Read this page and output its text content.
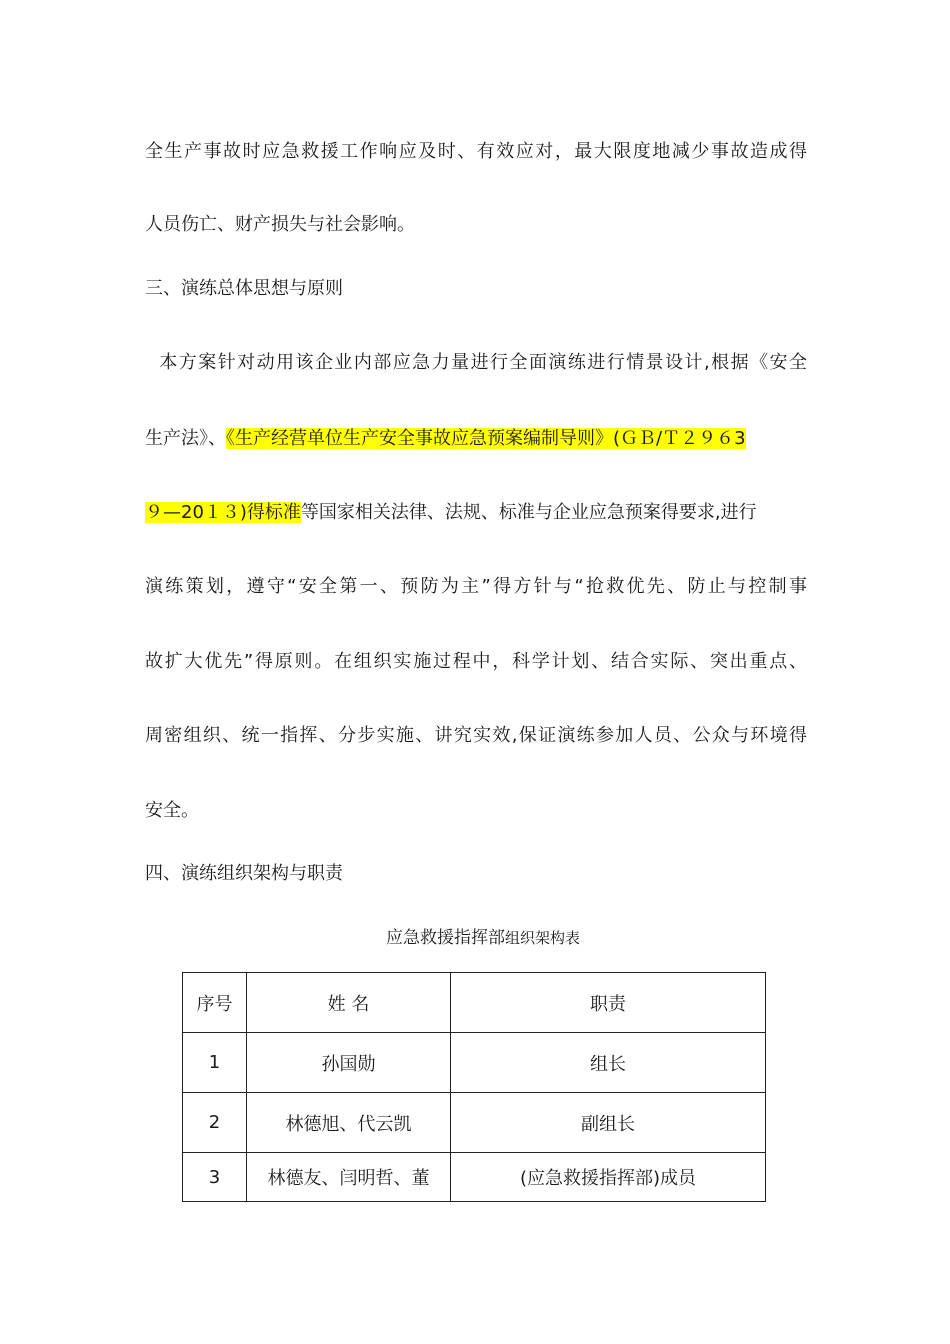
全生产事故时应急救援工作响应及时、有效应对，最大限度地减少事故造成得
人员伤亡、财产损失与社会影响。
三、演练总体思想与原则
本方案针对动用该企业内部应急力量进行全面演练进行情景设计,根据《安全
生产法》、《生产经营单位生产安全事故应急预案编制导则》(ＧＢ/Ｔ２９６3
９—20１３)得标准等国家相关法律、法规、标准与企业应急预案得要求,进行
演练策划，遵守“安全第一、预防为主”得方针与“抢救优先、防止与控制事
故扩大优先”得原则。在组织实施过程中，科学计划、结合实际、突出重点、
周密组织、统一指挥、分步实施、讲究实效,保证演练参加人员、公众与环境得
安全。
四、演练组织架构与职责
应急救援指挥部组织架构表
序号	姓 名	职责
1	孙国勋	组长
2	林德旭、代云凯	副组长
3	林德友、闫明哲、董	(应急救援指挥部)成员
